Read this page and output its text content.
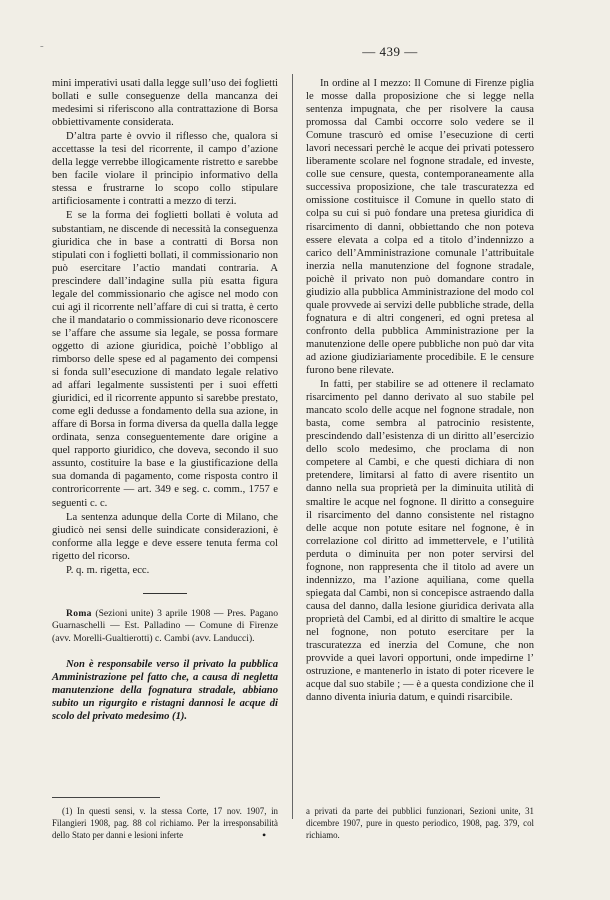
-	— 439 —

mini imperativi usati dalla legge sull’uso dei foglietti bollati e sulle conseguenze della mancanza dei medesimi si riferiscono alla contrattazione di Borsa obbiettivamente considerata.

D’altra parte è ovvio il riflesso che, qualora si accettasse la tesi del ricorrente, il campo d’azione della legge verrebbe illogicamente ristretto e sarebbe ben facile violare il principio informativo della stessa e frustrarne lo scopo collo stipulare artificiosamente i contratti a mezzo di terzi.

E se la forma dei foglietti bollati è voluta ad substantiam, ne discende di necessità la conseguenza giuridica che in base a contratti di Borsa non stipulati con i foglietti bollati, il commissionario non può esercitare l’actio mandati contraria. A prescindere dall’indagine sulla più esatta figura legale del commissionario che agisce nel modo con cui agì il ricorrente nell’affare di cui si tratta, è certo che il mandatario o commissionario deve riconoscere se l’affare che assume sia legale, se possa formare oggetto di azione giuridica, poichè l’obbligo al rimborso delle spese ed al pagamento dei compensi si fonda sull’esecuzione di mandato legale relativo ad affari legalmente sussistenti per i suoi effetti giuridici, ed il ricorrente appunto si sarebbe prestato, come egli dedusse a fondamento della sua azione, in affare di Borsa in forma diversa da quella dalla legge ordinata, senza conseguentemente dare origine a quel rapporto giuridico, che doveva, secondo il suo assunto, costituire la base e la giustificazione della sua domanda di pagamento, come risposta contro il controricorrente — art. 349 e seg. c. comm., 1757 e seguenti c. c.

La sentenza adunque della Corte di Milano, che giudicò nei sensi delle suindicate considerazioni, è conforme alla legge e deve essere tenuta ferma col rigetto del ricorso.

P. q. m. rigetta, ecc.

Roma (Sezioni unite) 3 aprile 1908 — Pres. Pagano Guarnaschelli — Est. Palladino — Comune di Firenze (avv. Morelli-Gualtierotti) c. Cambi (avv. Landucci).

Non è responsabile verso il privato la pubblica Amministrazione pel fatto che, a causa di negletta manutenzione della fognatura stradale, abbiano subito un rigurgito e ristagni dannosi le acque di scolo del privato medesimo (1).

In ordine al I mezzo: Il Comune di Firenze piglia le mosse dalla proposizione che si legge nella sentenza impugnata, che per risolvere la causa promossa dal Cambi occorre solo vedere se il Comune trascurò ed omise l’esecuzione di certi lavori necessari perchè le acque dei privati potessero liberamente scolare nel fognone stradale, ed investe, colle sue censure, questa, contemporaneamente alla successiva proposizione, che tale trascuratezza ed omissione costituisce il Comune in quello stato di colpa su cui si può fondare una pretesa giuridica di risarcimento di danni, obbiettando che non poteva essere elevata a colpa ed a titolo d’indennizzo a carico dell’Amministrazione comunale l’attribuitale inerzia nella manutenzione del fognone stradale, poichè il privato non può domandare contro in giudizio alla pubblica Amministrazione del modo col quale provvede ai servizi delle pubbliche strade, della fognatura e di altri congeneri, ed ogni pretesa al confronto della pubblica Amministrazione per la manutenzione delle opere pubbliche non può dar vita ad azione giudiziariamente procedibile. E le censure furono bene rilevate.

In fatti, per stabilire se ad ottenere il reclamato risarcimento pel danno derivato al suo stabile pel mancato scolo delle acque nel fognone stradale, non basta, come sembra al patrocinio resistente, prescindendo dall’esistenza di un diritto all’esercizio dello scolo medesimo, che proclama di non competere al Cambi, e che questi dichiara di non pretendere, limitarsi al fatto di avere risentito un danno nella sua proprietà per la diminuita utilità di smaltire le acque nel fognone. Il diritto a conseguire il risarcimento del danno consistente nel ristagno delle acque non potute esitare nel fognone, è in correlazione col diritto ad immettervele, e l’utilità perduta o diminuita per non poter servirsi del fognone, non rappresenta che il titolo ad avere un indennizzo, ma l’azione aquiliana, come quella spiegata dal Cambi, non si concepisce astraendo dalla causa del danno, dalla lesione giuridica derivata alla proprietà del Cambi, ed al diritto di smaltire le acque nel fognone, non potuto esercitare per la trascuratezza ed inerzia del Comune, che non provvide a quei lavori opportuni, onde impedirne l’ ostruzione, e mantenerlo in istato di poter ricevere le acque dal suo stabile ; — è a questa condizione che il danno diventa iniuria datum, e quindi risarcibile.

(1) In questi sensi, v. la stessa Corte, 17 nov. 1907, in Filangieri 1908, pag. 88 col richiamo. Per la irresponsabilità dello Stato per danni e lesioni inferte
a privati da parte dei pubblici funzionari, Sezioni unite, 31 dicembre 1907, pure in questo periodico, 1908, pag. 379, col richiamo.
•
